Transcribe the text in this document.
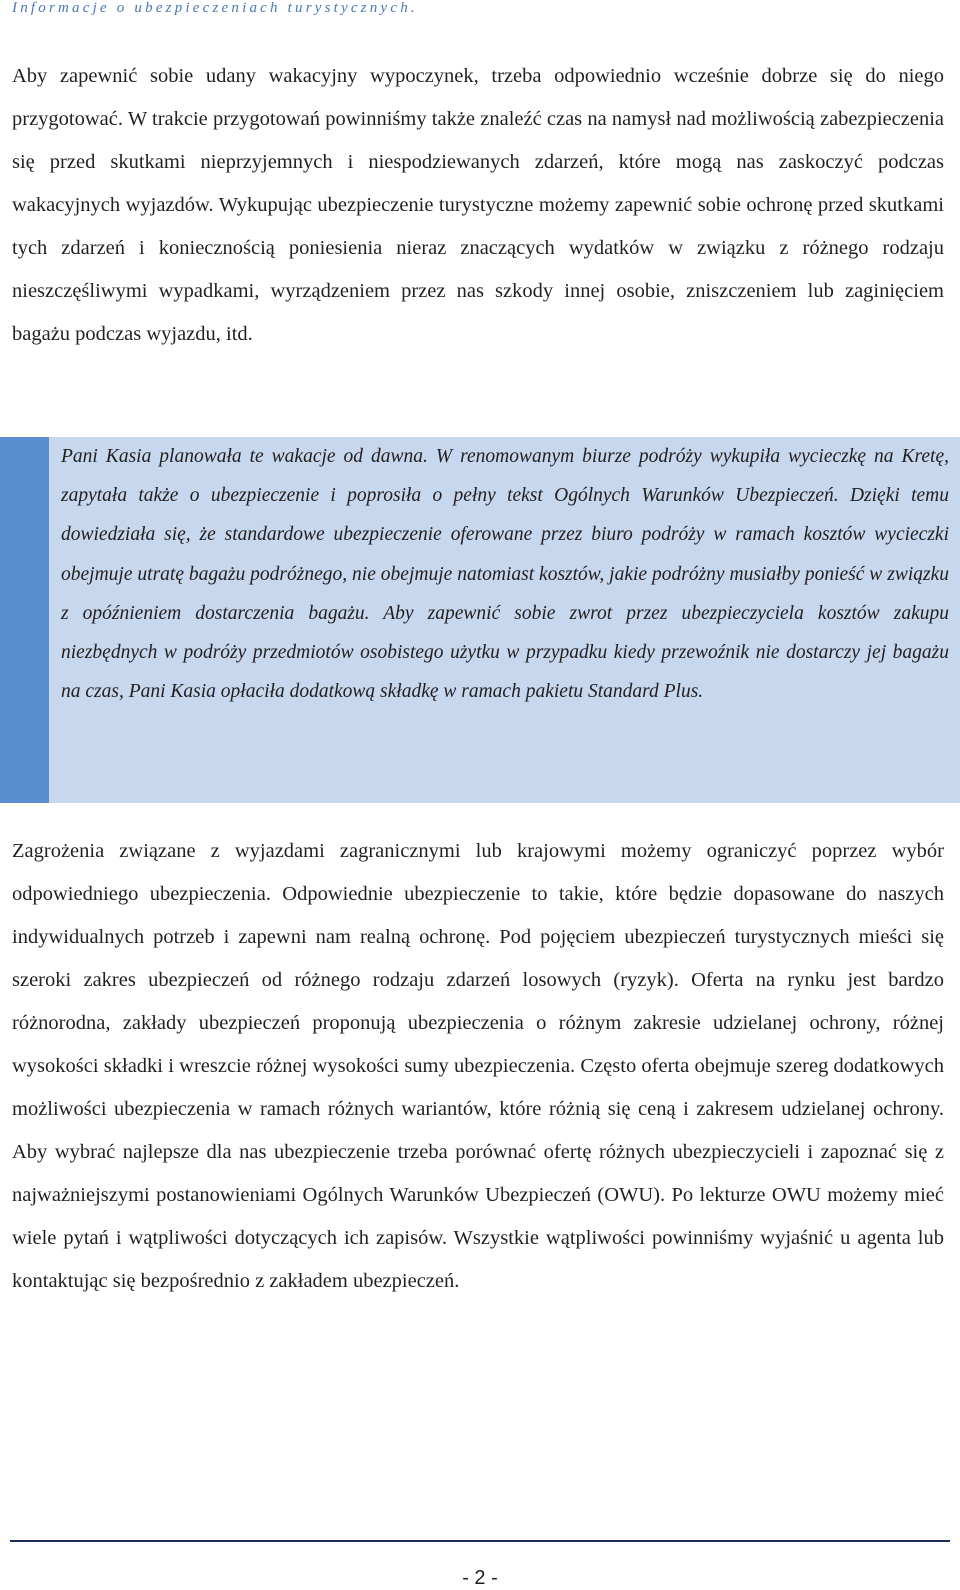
Informacje o ubezpieczeniach turystycznych.

Aby zapewnić sobie udany wakacyjny wypoczynek, trzeba odpowiednio wcześnie dobrze się do niego przygotować. W trakcie przygotowań powinniśmy także znaleźć czas na namysł nad możliwością zabezpieczenia się przed skutkami nieprzyjemnych i niespodziewanych zdarzeń, które mogą nas zaskoczyć podczas wakacyjnych wyjazdów. Wykupując ubezpieczenie turystyczne możemy zapewnić sobie ochronę przed skutkami tych zdarzeń i koniecznością poniesienia nieraz znaczących wydatków w związku z różnego rodzaju nieszczęśliwymi wypadkami, wyrządzeniem przez nas szkody innej osobie, zniszczeniem lub zaginięciem bagażu podczas wyjazdu, itd.

Pani Kasia planowała te wakacje od dawna. W renomowanym biurze podróży wykupiła wycieczkę na Kretę, zapytała także o ubezpieczenie i poprosiła o pełny tekst Ogólnych Warunków Ubezpieczeń. Dzięki temu dowiedziała się, że standardowe ubezpieczenie oferowane przez biuro podróży w ramach kosztów wycieczki obejmuje utratę bagażu podróżnego, nie obejmuje natomiast kosztów, jakie podróżny musiałby ponieść w związku z opóźnieniem dostarczenia bagażu. Aby zapewnić sobie zwrot przez ubezpieczyciela kosztów zakupu niezbędnych w podróży przedmiotów osobistego użytku w przypadku kiedy przewoźnik nie dostarczy jej bagażu na czas, Pani Kasia opłaciła dodatkową składkę w ramach pakietu Standard Plus.

Zagrożenia związane z wyjazdami zagranicznymi lub krajowymi możemy ograniczyć poprzez wybór odpowiedniego ubezpieczenia. Odpowiednie ubezpieczenie to takie, które będzie dopasowane do naszych indywidualnych potrzeb i zapewni nam realną ochronę. Pod pojęciem ubezpieczeń turystycznych mieści się szeroki zakres ubezpieczeń od różnego rodzaju zdarzeń losowych (ryzyk). Oferta na rynku jest bardzo różnorodna, zakłady ubezpieczeń proponują ubezpieczenia o różnym zakresie udzielanej ochrony, różnej wysokości składki i wreszcie różnej wysokości sumy ubezpieczenia. Często oferta obejmuje szereg dodatkowych możliwości ubezpieczenia w ramach różnych wariantów, które różnią się ceną i zakresem udzielanej ochrony. Aby wybrać najlepsze dla nas ubezpieczenie trzeba porównać ofertę różnych ubezpieczycieli i zapoznać się z najważniejszymi postanowieniami Ogólnych Warunków Ubezpieczeń (OWU). Po lekturze OWU możemy mieć wiele pytań i wątpliwości dotyczących ich zapisów. Wszystkie wątpliwości powinniśmy wyjaśnić u agenta lub kontaktując się bezpośrednio z zakładem ubezpieczeń.

- 2 -
